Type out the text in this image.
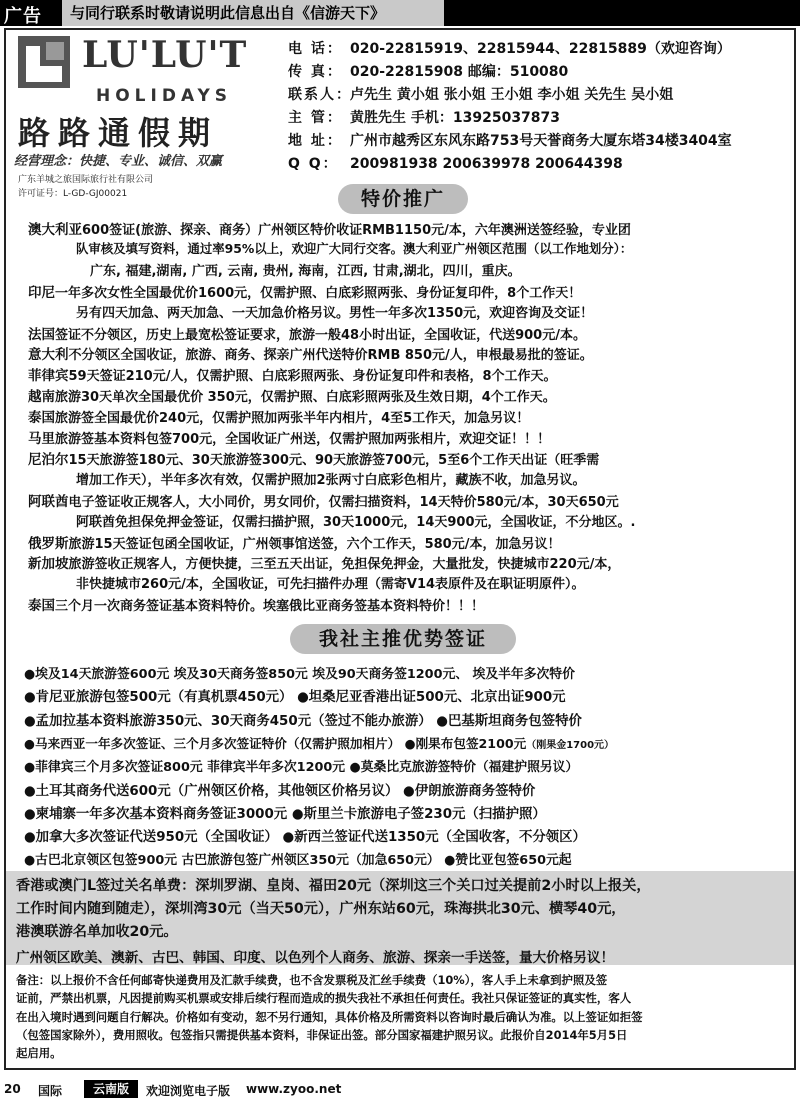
广告	与同行联系时敬请说明此信息出自《信游天下》
LU'LU'T
HOLIDAYS
路路通假期
经营理念：快捷、专业、诚信、双赢
广东羊城之旅国际旅行社有限公司
许可证号：L-GD-GJ00021
电 话： 020-22815919、22815944、22815889（欢迎咨询）
传 真： 020-22815908 邮编：510080
联系人：卢先生 黄小姐 张小姐 王小姐 李小姐 关先生 吴小姐
主 管： 黄胜先生 手机：13925037873
地 址： 广州市越秀区东风东路753号天誉商务大厦东塔34楼3404室
Q Q： 200981938 200639978 200644398
特价推广
澳大利亚600签证(旅游、探亲、商务）广州领区特价收证RMB1150元/本，六年澳洲送签经验，专业团
队审核及填写资料，通过率95%以上，欢迎广大同行交客。澳大利亚广州领区范围（以工作地划分）：
广东, 福建,湖南, 广西, 云南, 贵州, 海南，江西, 甘肃,湖北，四川，重庆。
印尼一年多次女性全国最优价1600元，仅需护照、白底彩照两张、身份证复印件，8个工作天！
另有四天加急、两天加急、一天加急价格另议。男性一年多次1350元，欢迎咨询及交证！
法国签证不分领区，历史上最宽松签证要求，旅游一般48小时出证，全国收证，代送900元/本。
意大利不分领区全国收证，旅游、商务、探亲广州代送特价RMB 850元/人，申根最易批的签证。
菲律宾59天签证210元/人，仅需护照、白底彩照两张、身份证复印件和表格，8个工作天。
越南旅游30天单次全国最优价 350元，仅需护照、白底彩照两张及生效日期，4个工作天。
泰国旅游签全国最优价240元，仅需护照加两张半年内相片，4至5工作天，加急另议！
马里旅游签基本资料包签700元，全国收证广州送，仅需护照加两张相片，欢迎交证！！！
尼泊尔15天旅游签180元、30天旅游签300元、90天旅游签700元，5至6个工作天出证（旺季需
增加工作天），半年多次有效，仅需护照加2张两寸白底彩色相片，藏族不收，加急另议。
阿联酋电子签证收正规客人，大小同价，男女同价，仅需扫描资料，14天特价580元/本，30天650元
阿联酋免担保免押金签证，仅需扫描护照，30天1000元，14天900元，全国收证，不分地区。.
俄罗斯旅游15天签证包函全国收证，广州领事馆送签，六个工作天，580元/本，加急另议！
新加坡旅游签收正规客人，方便快捷，三至五天出证，免担保免押金，大量批发，快捷城市220元/本，
非快捷城市260元/本，全国收证，可先扫描件办理（需寄V14表原件及在职证明原件）。
泰国三个月一次商务签证基本资料特价。埃塞俄比亚商务签基本资料特价！！！
我社主推优势签证
●埃及14天旅游签600元 埃及30天商务签850元 埃及90天商务签1200元、 埃及半年多次特价
●肯尼亚旅游包签500元（有真机票450元） ●坦桑尼亚香港出证500元、北京出证900元
●孟加拉基本资料旅游350元、30天商务450元（签过不能办旅游） ●巴基斯坦商务包签特价
●马来西亚一年多次签证、三个月多次签证特价（仅需护照加相片） ●刚果布包签2100元（刚果金1700元）
●菲律宾三个月多次签证800元 菲律宾半年多次1200元 ●莫桑比克旅游签特价（福建护照另议）
●土耳其商务代送600元（广州领区价格，其他领区价格另议） ●伊朗旅游商务签特价
●柬埔寨一年多次基本资料商务签证3000元 ●斯里兰卡旅游电子签230元（扫描护照）
●加拿大多次签证代送950元（全国收证） ●新西兰签证代送1350元（全国收客，不分领区）
●古巴北京领区包签900元 古巴旅游包签广州领区350元（加急650元） ●赞比亚包签650元起
香港或澳门L签过关名单费：深圳罗湖、皇岗、福田20元（深圳这三个关口过关提前2小时以上报关，
工作时间内随到随走），深圳湾30元（当天50元），广州东站60元，珠海拱北30元、横琴40元，
港澳联游名单加收20元。
广州领区欧美、澳新、古巴、韩国、印度、以色列个人商务、旅游、探亲一手送签，量大价格另议！
备注：以上报价不含任何邮寄快递费用及汇款手续费，也不含发票税及汇丝手续费（10%），客人手上未拿到护照及签
证前，严禁出机票，凡因提前购买机票或安排后续行程而造成的损失我社不承担任何责任。我社只保证签证的真实性，客人
在出入境时遇到问题自行解决。价格如有变动，恕不另行通知，具体价格及所需资料以咨询时最后确认为准。以上签证如拒签
（包签国家除外），费用照收。包签指只需提供基本资料，非保证出签。部分国家福建护照另议。此报价自2014年5月5日
起启用。
20 国际	云南版	欢迎浏览电子版 www.zyoo.net
